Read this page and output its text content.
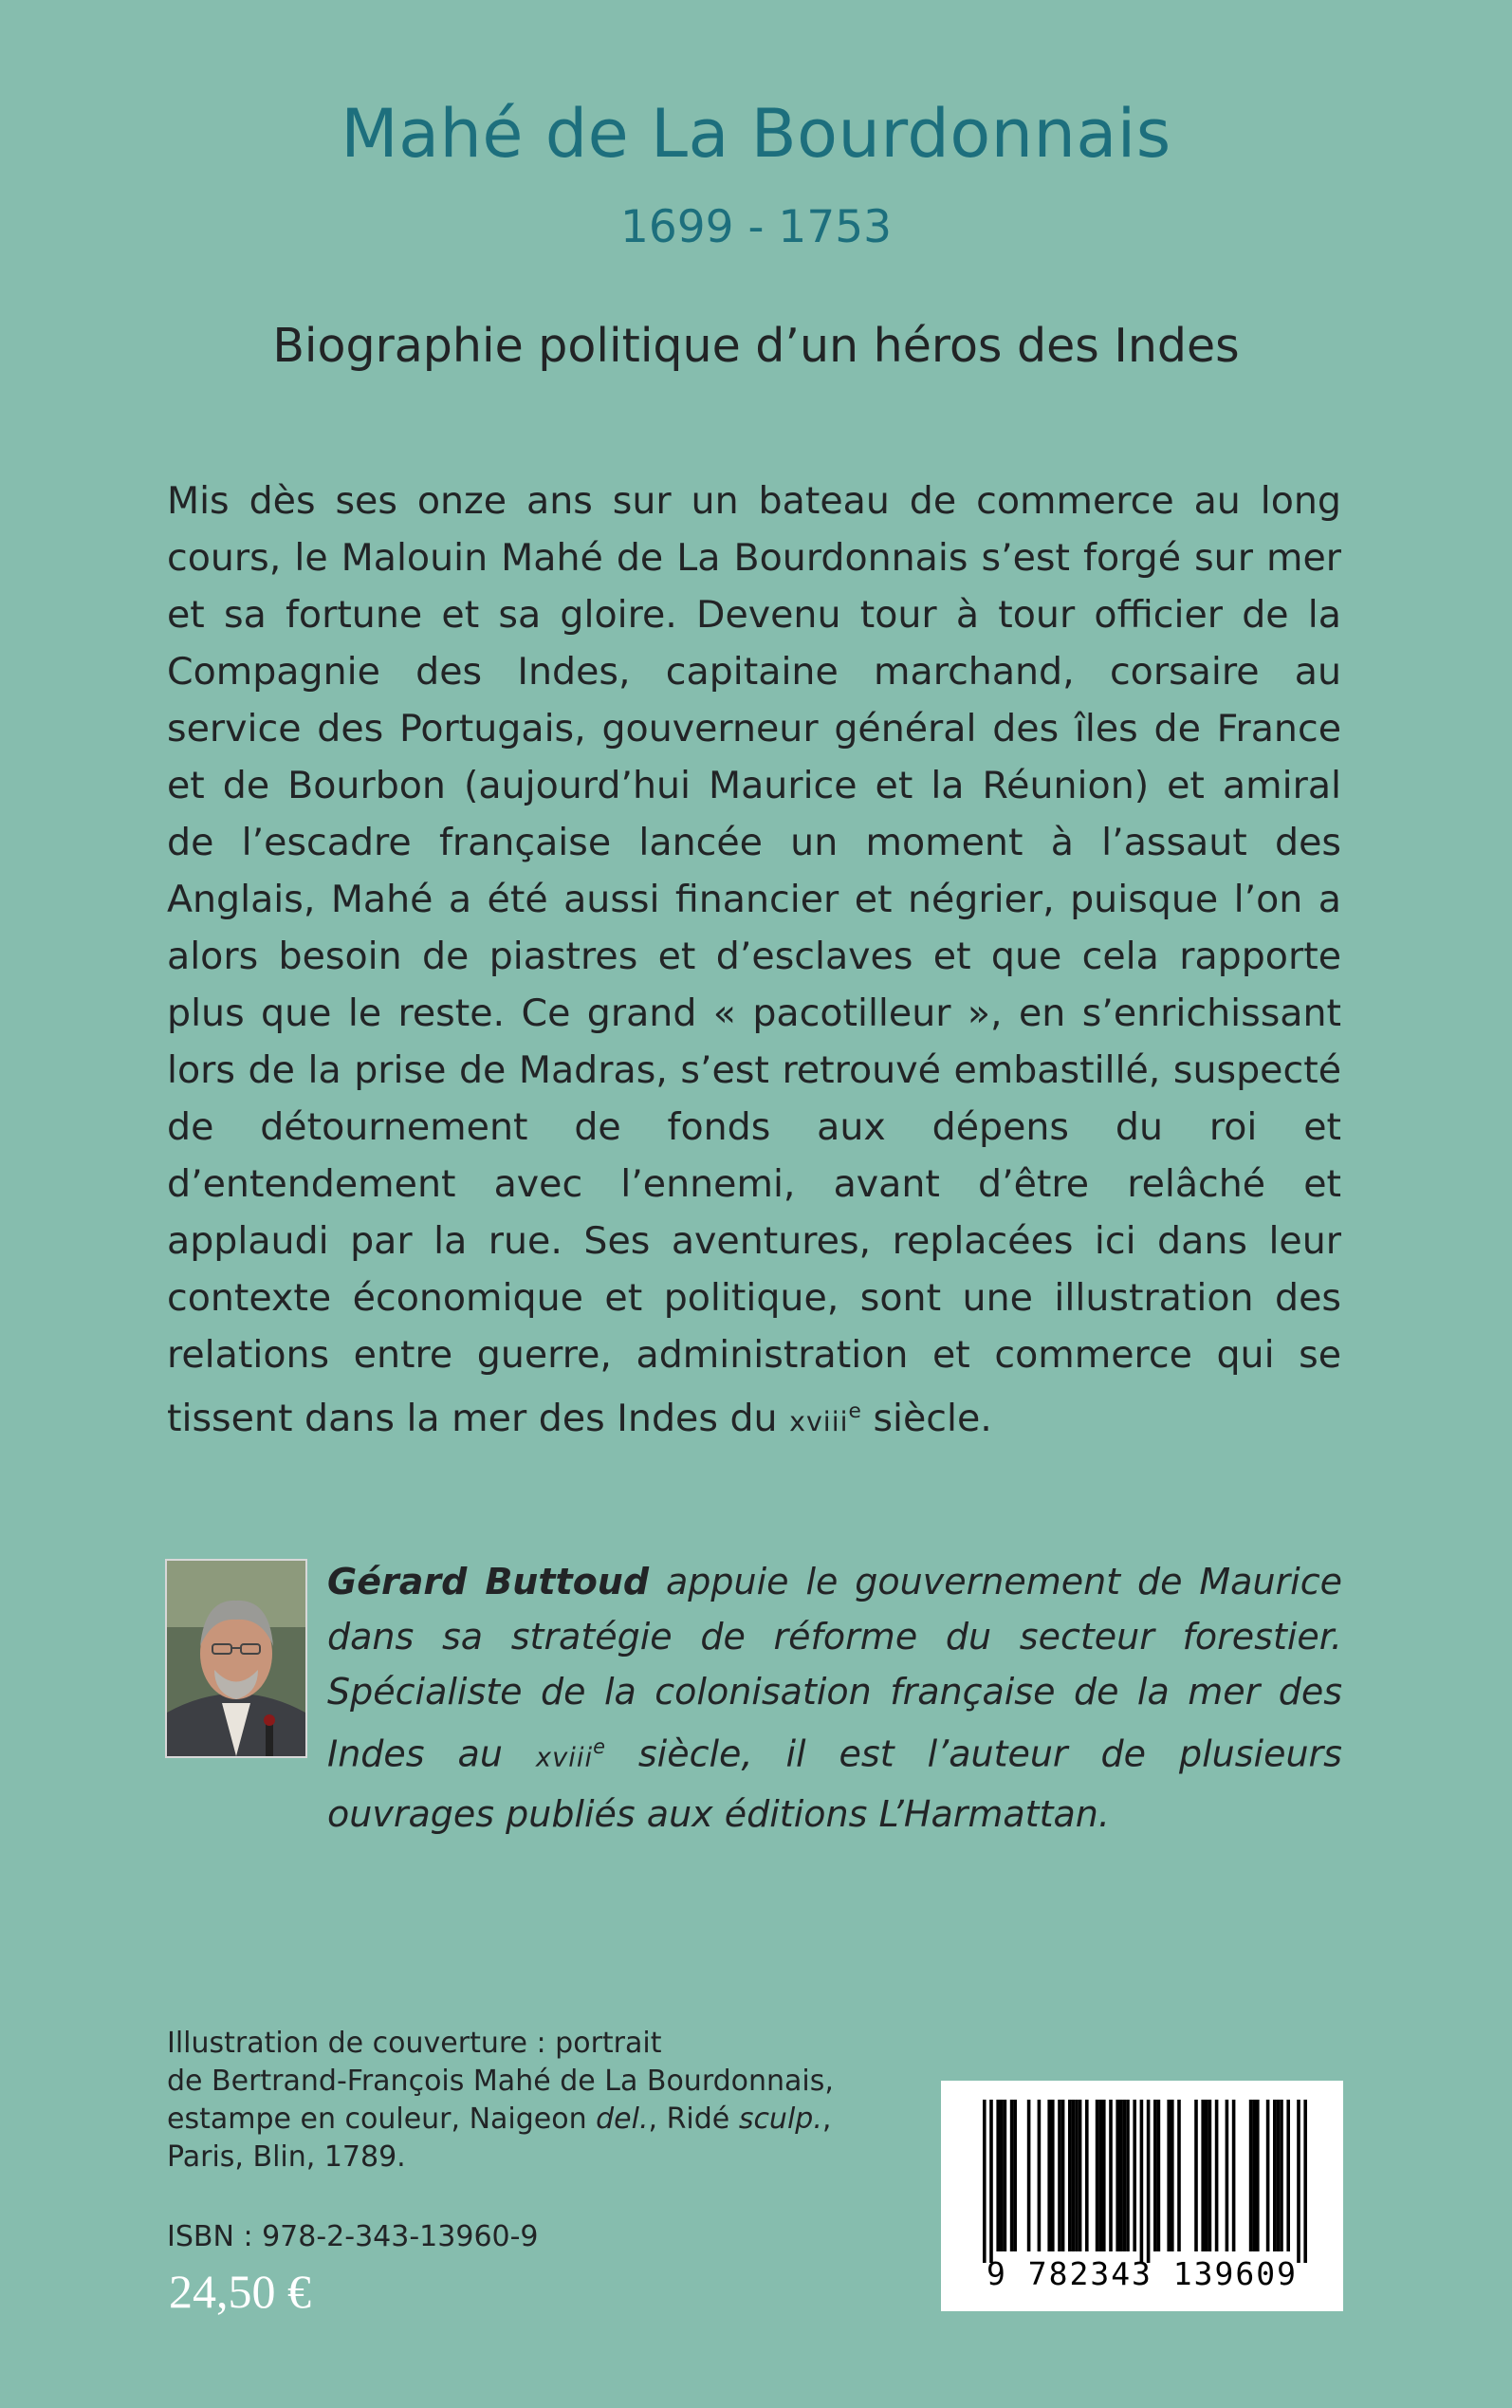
Mahé de La Bourdonnais
1699 - 1753
Biographie politique d’un héros des Indes

Mis dès ses onze ans sur un bateau de commerce au long cours, le Malouin Mahé de La Bourdonnais s’est forgé sur mer et sa fortune et sa gloire. Devenu tour à tour officier de la Compagnie des Indes, capitaine marchand, corsaire au service des Portugais, gouverneur général des îles de France et de Bourbon (aujourd’hui Maurice et la Réunion) et amiral de l’escadre française lancée un moment à l’assaut des Anglais, Mahé a été aussi financier et négrier, puisque l’on a alors besoin de piastres et d’esclaves et que cela rapporte plus que le reste. Ce grand « pacotilleur », en s’enrichissant lors de la prise de Madras, s’est retrouvé embastillé, suspecté de détournement de fonds aux dépens du roi et d’entendement avec l’ennemi, avant d’être relâché et applaudi par la rue. Ses aventures, replacées ici dans leur contexte économique et politique, sont une illustration des relations entre guerre, administration et commerce qui se tissent dans la mer des Indes du xviii$^e$ siècle.

Gérard Buttoud appuie le gouvernement de Maurice dans sa stratégie de réforme du secteur forestier. Spécialiste de la colonisation française de la mer des Indes au xviii$^e$ siècle, il est l’auteur de plusieurs ouvrages publiés aux éditions L’Harmattan.

Illustration de couverture : portrait
de Bertrand-François Mahé de La Bourdonnais,
estampe en couleur, Naigeon del., Ridé sculp.,
Paris, Blin, 1789.

ISBN : 978-2-343-13960-9
24,50 €	9 782343 139609
